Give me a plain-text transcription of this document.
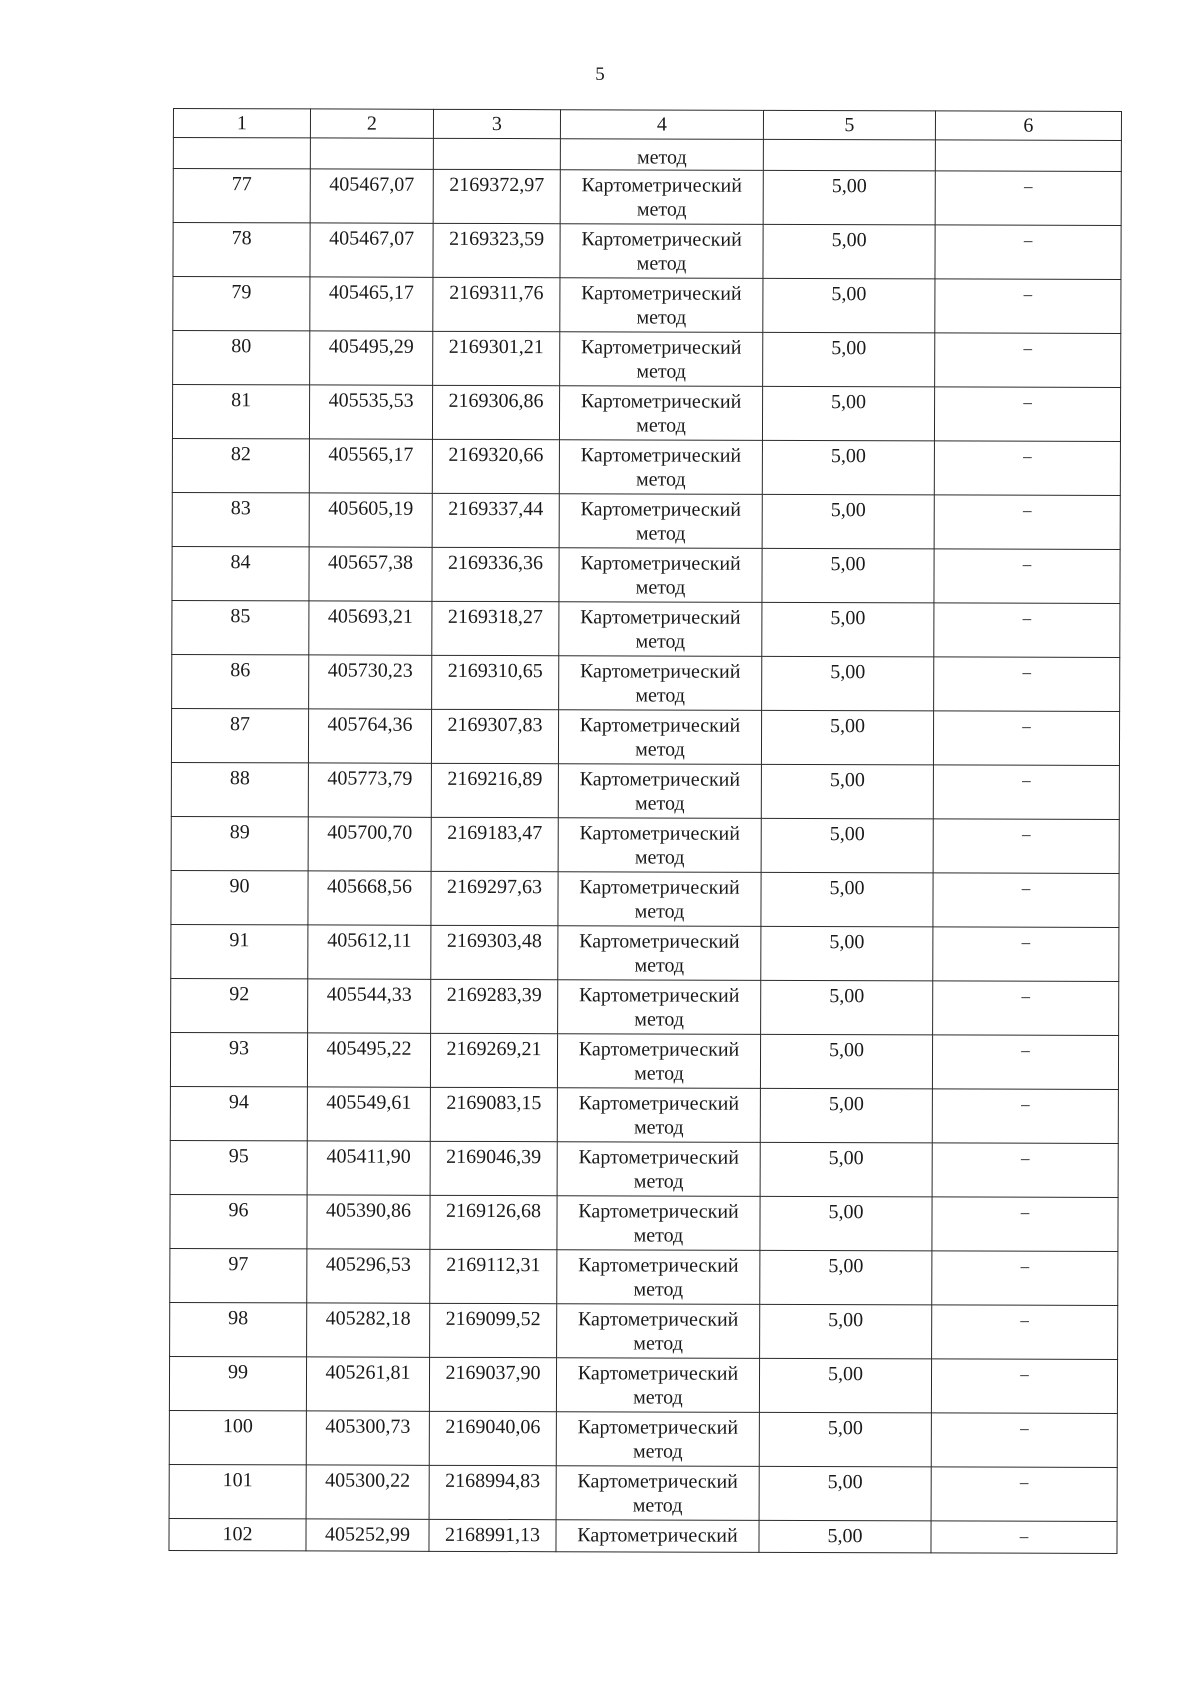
5
1	2	3	4	5	6
			метод		
77	405467,07	2169372,97	Картометрический
метод	5,00	–
78	405467,07	2169323,59	Картометрический
метод	5,00	–
79	405465,17	2169311,76	Картометрический
метод	5,00	–
80	405495,29	2169301,21	Картометрический
метод	5,00	–
81	405535,53	2169306,86	Картометрический
метод	5,00	–
82	405565,17	2169320,66	Картометрический
метод	5,00	–
83	405605,19	2169337,44	Картометрический
метод	5,00	–
84	405657,38	2169336,36	Картометрический
метод	5,00	–
85	405693,21	2169318,27	Картометрический
метод	5,00	–
86	405730,23	2169310,65	Картометрический
метод	5,00	–
87	405764,36	2169307,83	Картометрический
метод	5,00	–
88	405773,79	2169216,89	Картометрический
метод	5,00	–
89	405700,70	2169183,47	Картометрический
метод	5,00	–
90	405668,56	2169297,63	Картометрический
метод	5,00	–
91	405612,11	2169303,48	Картометрический
метод	5,00	–
92	405544,33	2169283,39	Картометрический
метод	5,00	–
93	405495,22	2169269,21	Картометрический
метод	5,00	–
94	405549,61	2169083,15	Картометрический
метод	5,00	–
95	405411,90	2169046,39	Картометрический
метод	5,00	–
96	405390,86	2169126,68	Картометрический
метод	5,00	–
97	405296,53	2169112,31	Картометрический
метод	5,00	–
98	405282,18	2169099,52	Картометрический
метод	5,00	–
99	405261,81	2169037,90	Картометрический
метод	5,00	–
100	405300,73	2169040,06	Картометрический
метод	5,00	–
101	405300,22	2168994,83	Картометрический
метод	5,00	–
102	405252,99	2168991,13	Картометрический	5,00	–
